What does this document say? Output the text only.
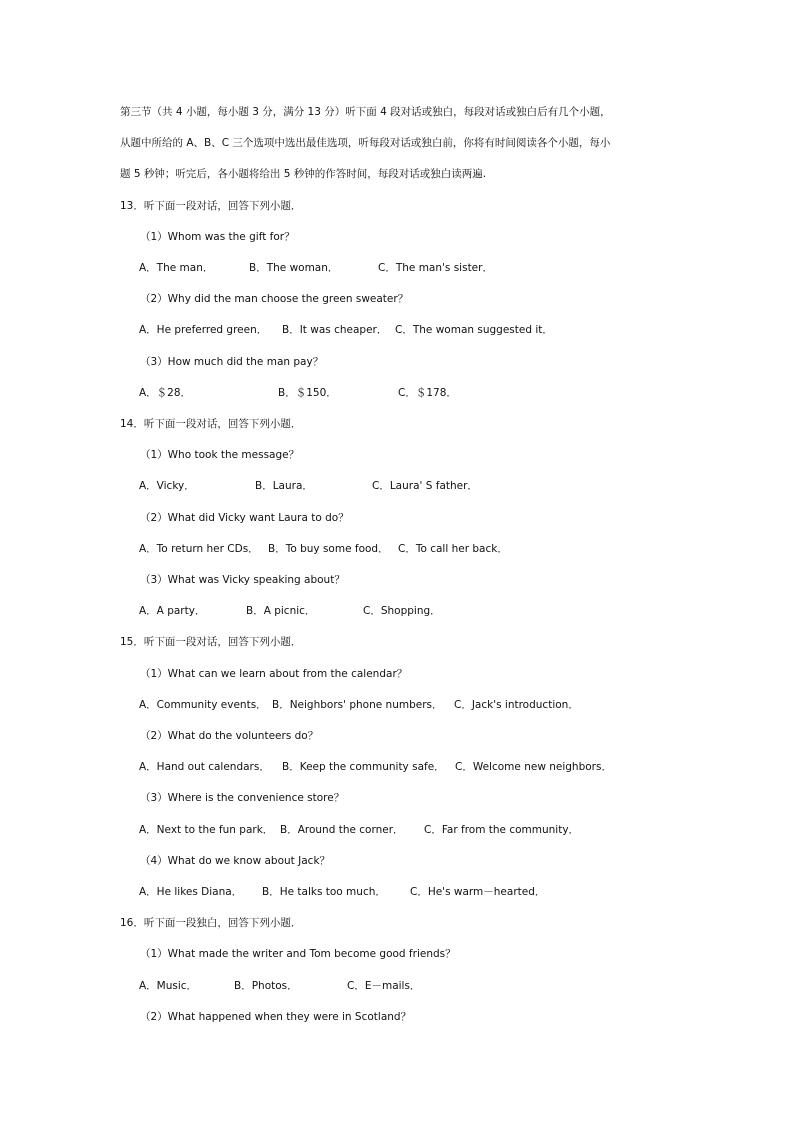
第三节（共 4 小题，每小题 3 分，满分 13 分）听下面 4 段对话或独白，每段对话或独白后有几个小题，
从题中所给的 A、B、C 三个选项中选出最佳选项，听每段对话或独白前，你将有时间阅读各个小题，每小
题 5 秒钟；听完后，各小题将给出 5 秒钟的作答时间，每段对话或独白读两遍.
13．听下面一段对话，回答下列小题．
（1）Whom was the gift for？
A．The man．	B．The woman．	C．The man's sister．
（2）Why did the man choose the green sweater？
A．He preferred green． B．It was cheaper． C．The woman suggested it．
（3）How much did the man pay？
A．＄28．	B．＄150．	C．＄178．
14．听下面一段对话，回答下列小题．
（1）Who took the message？
A．Vicky．	B．Laura．	C．Laura' S father．
（2）What did Vicky want Laura to do？
A．To return her CDs． B．To buy some food． C．To call her back．
（3）What was Vicky speaking about？
A．A party．	B．A picnic．	C．Shopping．
15．听下面一段对话，回答下列小题．
（1）What can we learn about from the calendar？
A．Community events． B．Neighbors' phone numbers． C．Jack's introduction．
（2）What do the volunteers do？
A．Hand out calendars． B．Keep the community safe． C．Welcome new neighbors．
（3）Where is the convenience store？
A．Next to the fun park． B．Around the corner． C．Far from the community．
（4）What do we know about Jack？
A．He likes Diana． B．He talks too much． C．He's warm－hearted．
16．听下面一段独白，回答下列小题．
（1）What made the writer and Tom become good friends？
A．Music．	B．Photos．	C．E－mails．
（2）What happened when they were in Scotland？
